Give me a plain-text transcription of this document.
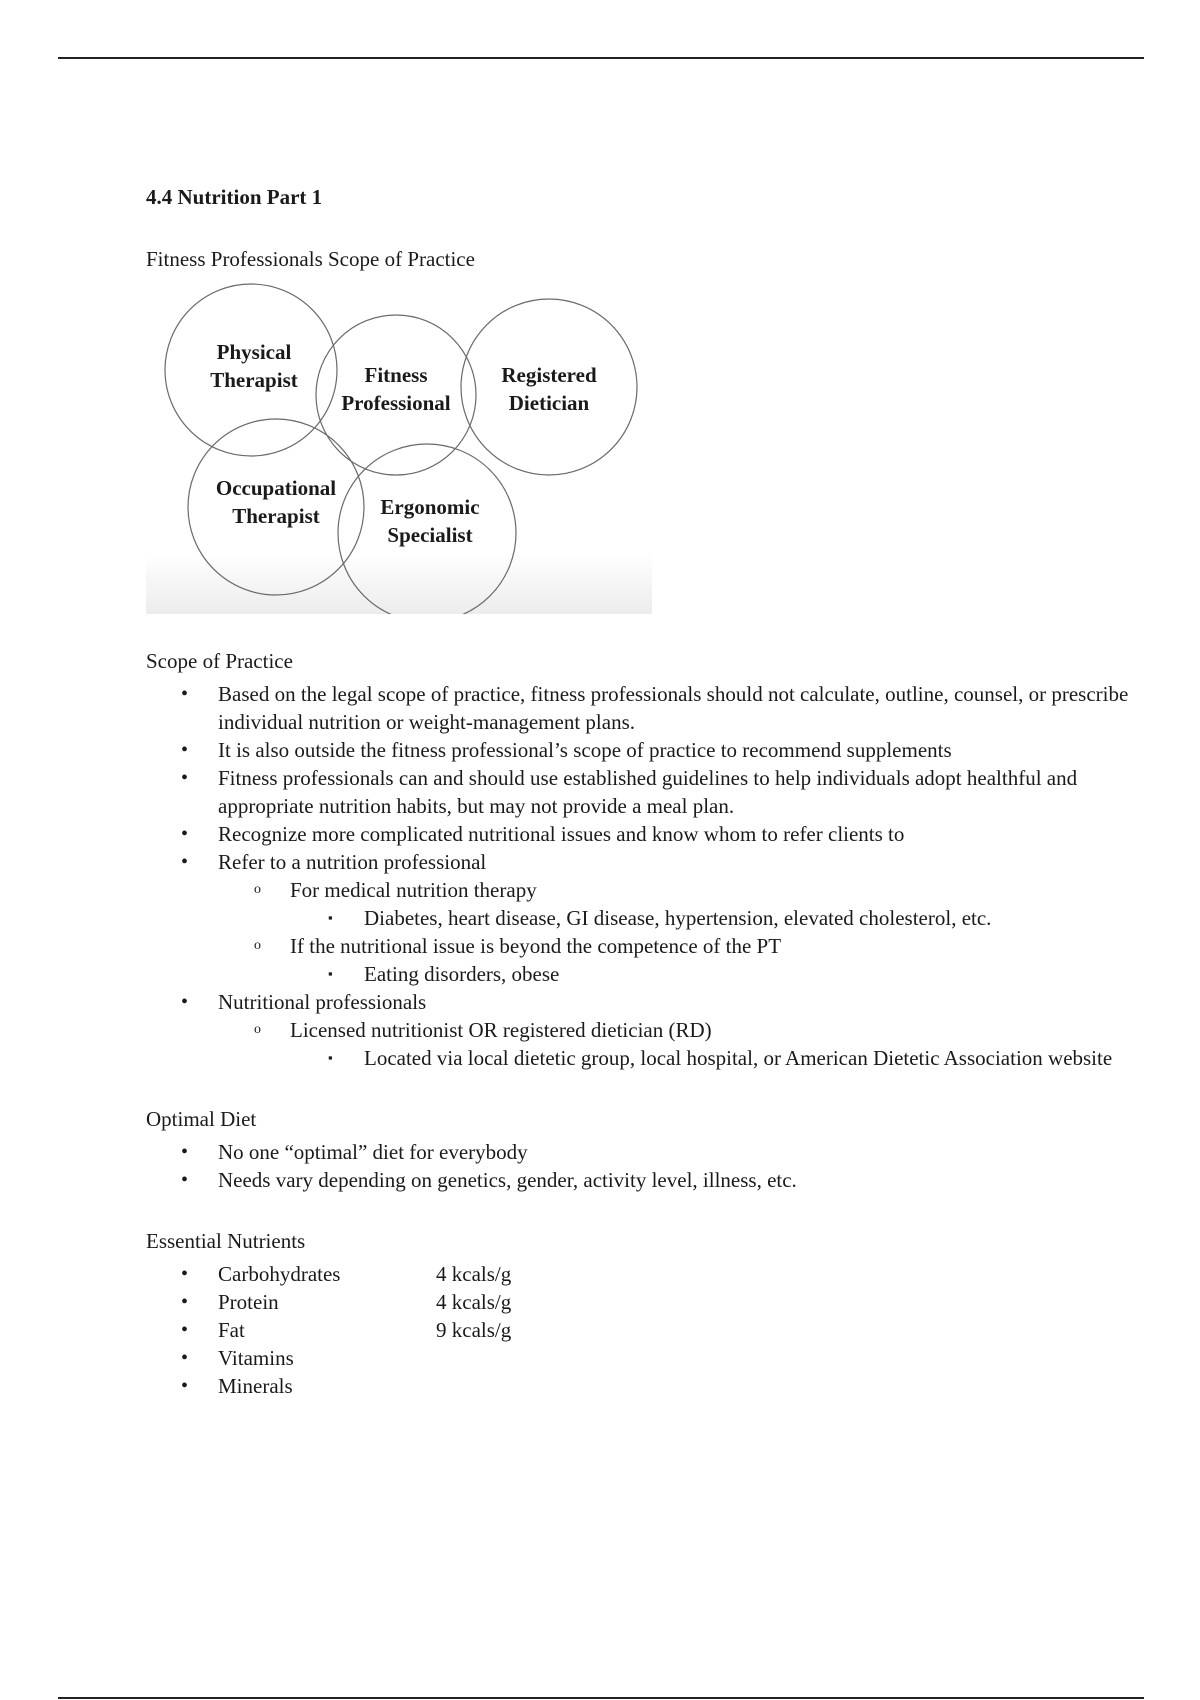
4.4 Nutrition Part 1

Fitness Professionals Scope of Practice

Physical
Therapist	Fitness
Professional
Registered
Dietician
Occupational
Therapist	Ergonomic
Specialist

Scope of Practice

• Based on the legal scope of practice, fitness professionals should not calculate, outline, counsel, or prescribe individual nutrition or weight-management plans.
• It is also outside the fitness professional’s scope of practice to recommend supplements
• Fitness professionals can and should use established guidelines to help individuals adopt healthful and appropriate nutrition habits, but may not provide a meal plan.
• Recognize more complicated nutritional issues and know whom to refer clients to
• Refer to a nutrition professional
o For medical nutrition therapy
▪ Diabetes, heart disease, GI disease, hypertension, elevated cholesterol, etc.
o If the nutritional issue is beyond the competence of the PT
▪ Eating disorders, obese
• Nutritional professionals
o Licensed nutritionist OR registered dietician (RD)
▪ Located via local dietetic group, local hospital, or American Dietetic Association website

Optimal Diet

• No one “optimal” diet for everybody
• Needs vary depending on genetics, gender, activity level, illness, etc.

Essential Nutrients

• Carbohydrates	4 kcals/g
• Protein	4 kcals/g
• Fat	9 kcals/g
• Vitamins
• Minerals
